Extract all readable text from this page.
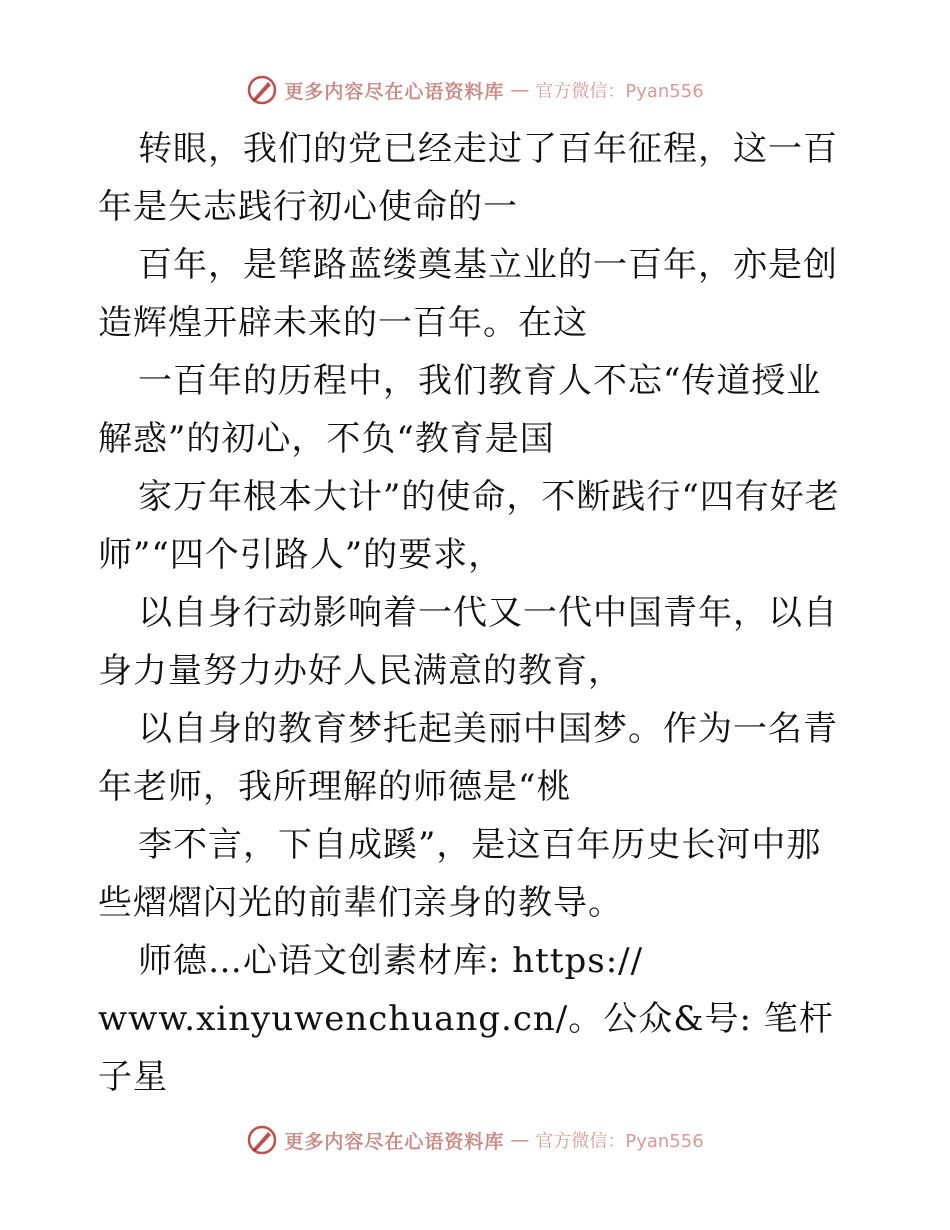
更多内容尽在心语资料库 — 官方微信：Pyan556

转眼，我们的党已经走过了百年征程，这一百年是矢志践行初心使命的一

百年，是筚路蓝缕奠基立业的一百年，亦是创造辉煌开辟未来的一百年。在这

一百年的历程中，我们教育人不忘“传道授业解惑”的初心，不负“教育是国

家万年根本大计”的使命，不断践行“四有好老师”“四个引路人”的要求，

以自身行动影响着一代又一代中国青年，以自身力量努力办好人民满意的教育，

以自身的教育梦托起美丽中国梦。作为一名青年老师，我所理解的师德是“桃

李不言，下自成蹊”，是这百年历史长河中那些熠熠闪光的前辈们亲身的教导。

师德…心语文创素材库: https://

www.xinyuwenchuang.cn/。公众&号: 笔杆子星

更多内容尽在心语资料库 — 官方微信：Pyan556
